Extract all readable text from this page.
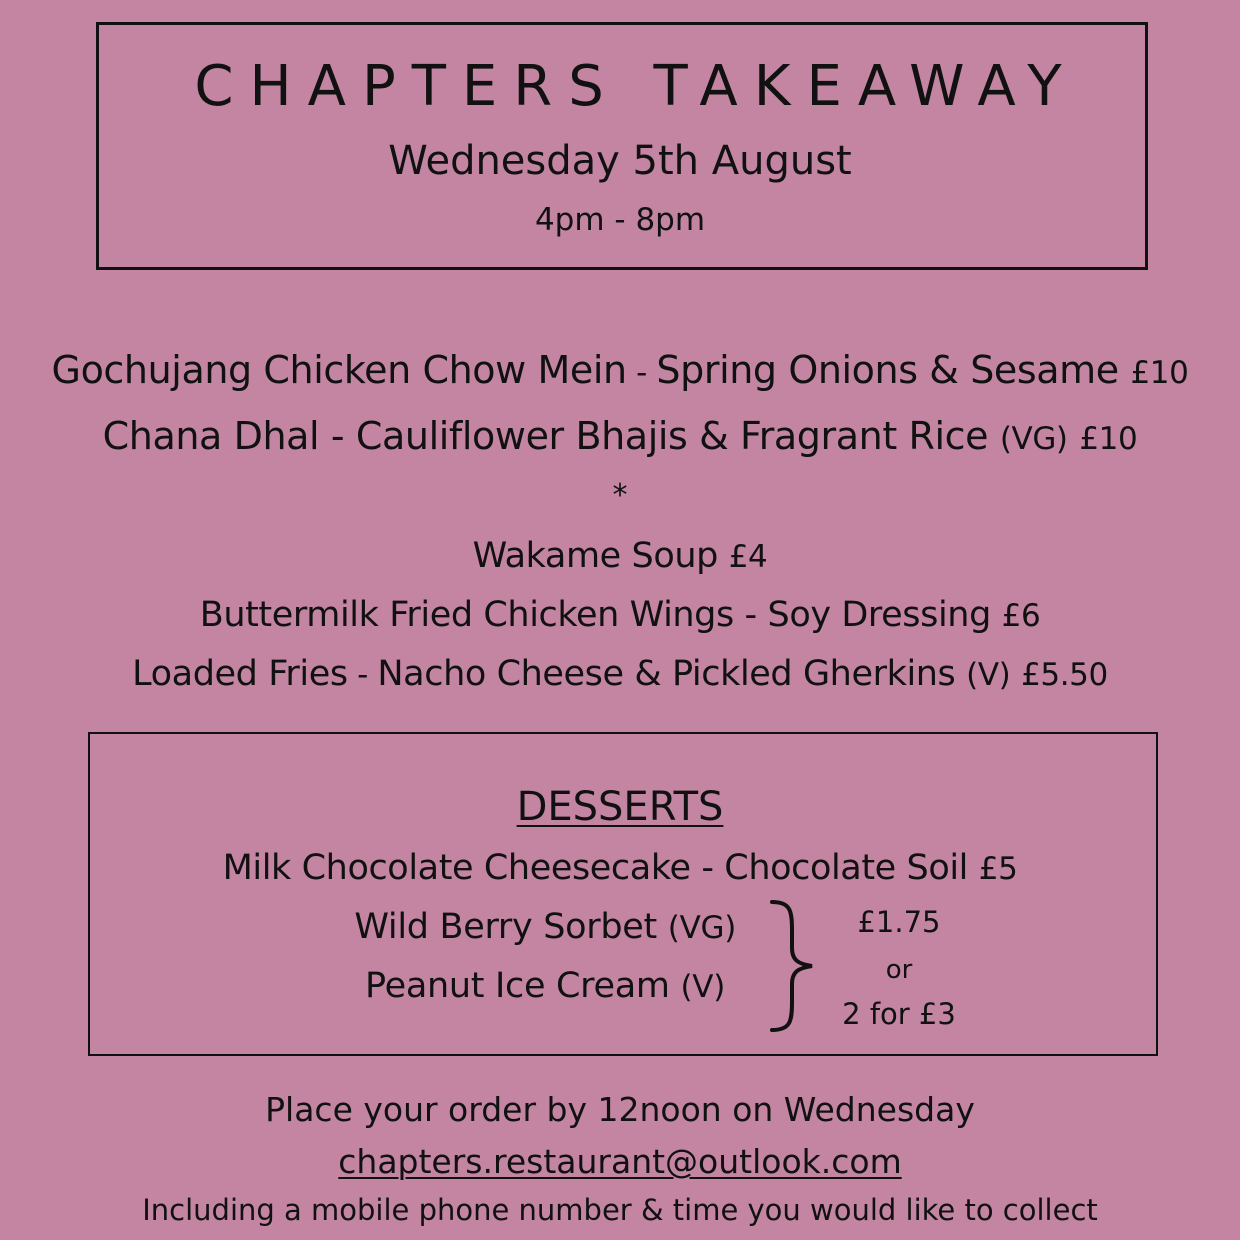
CHAPTERS TAKEAWAY
Wednesday 5th August
4pm - 8pm
Gochujang Chicken Chow Mein - Spring Onions & Sesame £10
Chana Dhal - Cauliflower Bhajis & Fragrant Rice (VG) £10
*
Wakame Soup £4
Buttermilk Fried Chicken Wings - Soy Dressing £6
Loaded Fries - Nacho Cheese & Pickled Gherkins (V) £5.50
DESSERTS
Milk Chocolate Cheesecake - Chocolate Soil £5
Wild Berry Sorbet (VG)
Peanut Ice Cream (V)
£1.75
or
2 for £3
Place your order by 12noon on Wednesday
chapters.restaurant@outlook.com
Including a mobile phone number & time you would like to collect
